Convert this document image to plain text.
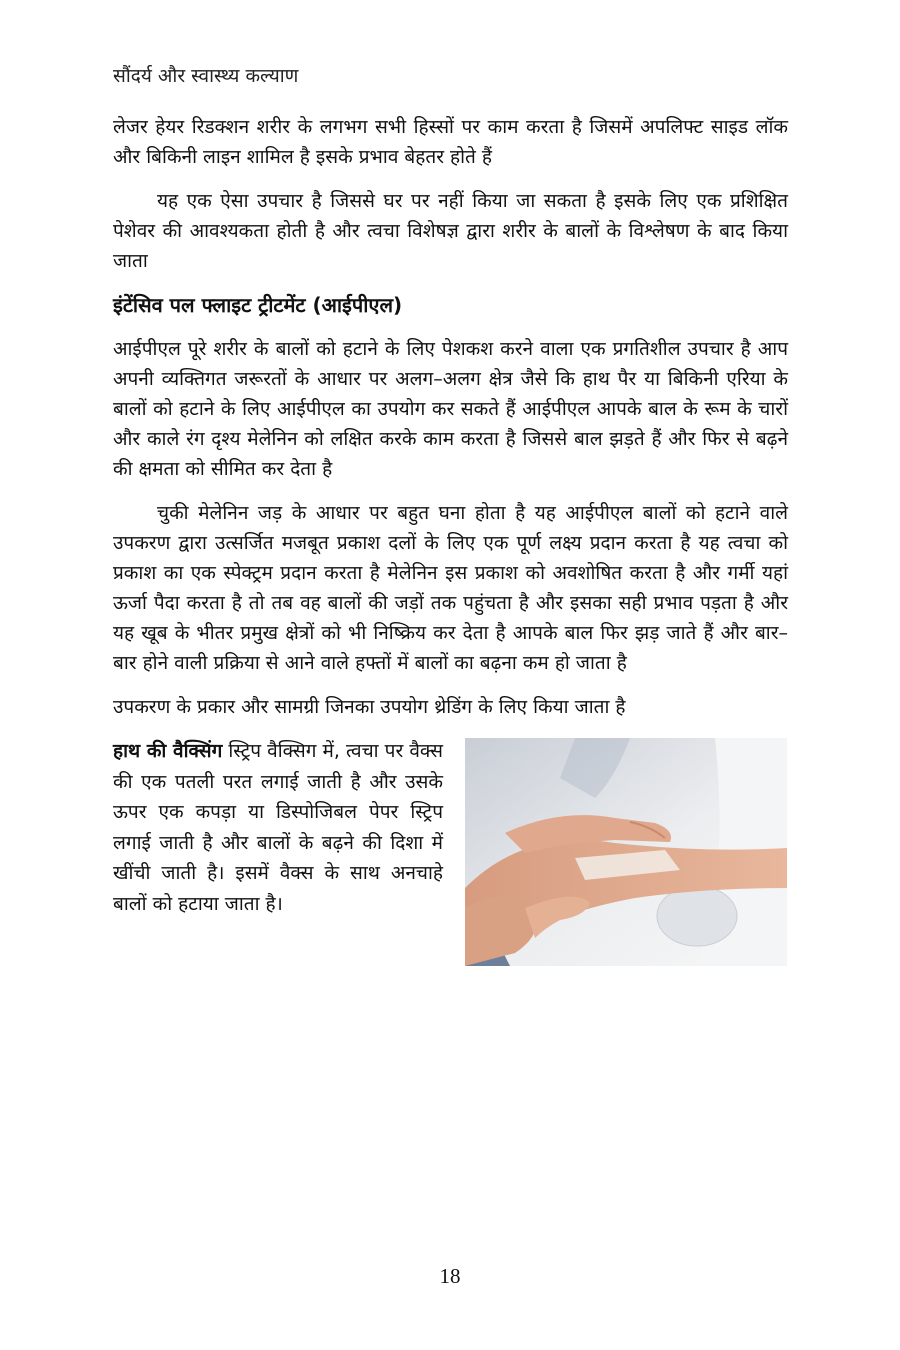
सौंदर्य और स्वास्थ्य कल्याण

लेजर हेयर रिडक्शन शरीर के लगभग सभी हिस्सों पर काम करता है जिसमें अपलिफ्ट साइड लॉक और बिकिनी लाइन शामिल है इसके प्रभाव बेहतर होते हैं

यह एक ऐसा उपचार है जिससे घर पर नहीं किया जा सकता है इसके लिए एक प्रशिक्षित पेशेवर की आवश्यकता होती है और त्वचा विशेषज्ञ द्वारा शरीर के बालों के विश्लेषण के बाद किया जाता

इंटेंसिव पल फ्लाइट ट्रीटमेंट (आईपीएल)

आईपीएल पूरे शरीर के बालों को हटाने के लिए पेशकश करने वाला एक प्रगतिशील उपचार है आप अपनी व्यक्तिगत जरूरतों के आधार पर अलग–अलग क्षेत्र जैसे कि हाथ पैर या बिकिनी एरिया के बालों को हटाने के लिए आईपीएल का उपयोग कर सकते हैं आईपीएल आपके बाल के रूम के चारों और काले रंग दृश्य मेलेनिन को लक्षित करके काम करता है जिससे बाल झड़ते हैं और फिर से बढ़ने की क्षमता को सीमित कर देता है

चुकी मेलेनिन जड़ के आधार पर बहुत घना होता है यह आईपीएल बालों को हटाने वाले उपकरण द्वारा उत्सर्जित मजबूत प्रकाश दलों के लिए एक पूर्ण लक्ष्य प्रदान करता है यह त्वचा को प्रकाश का एक स्पेक्ट्रम प्रदान करता है मेलेनिन इस प्रकाश को अवशोषित करता है और गर्मी यहां ऊर्जा पैदा करता है तो तब वह बालों की जड़ों तक पहुंचता है और इसका सही प्रभाव पड़ता है और यह खूब के भीतर प्रमुख क्षेत्रों को भी निष्क्रिय कर देता है आपके बाल फिर झड़ जाते हैं और बार–बार होने वाली प्रक्रिया से आने वाले हफ्तों में बालों का बढ़ना कम हो जाता है

उपकरण के प्रकार और सामग्री जिनका उपयोग थ्रेडिंग के लिए किया जाता है

हाथ की वैक्सिंग स्ट्रिप वैक्सिग में, त्वचा पर वैक्स की एक पतली परत लगाई जाती है और उसके ऊपर एक कपड़ा या डिस्पोजिबल पेपर स्ट्रिप लगाई जाती है और बालों के बढ़ने की दिशा में खींची जाती है। इसमें वैक्स के साथ अनचाहे बालों को हटाया जाता है।

18
